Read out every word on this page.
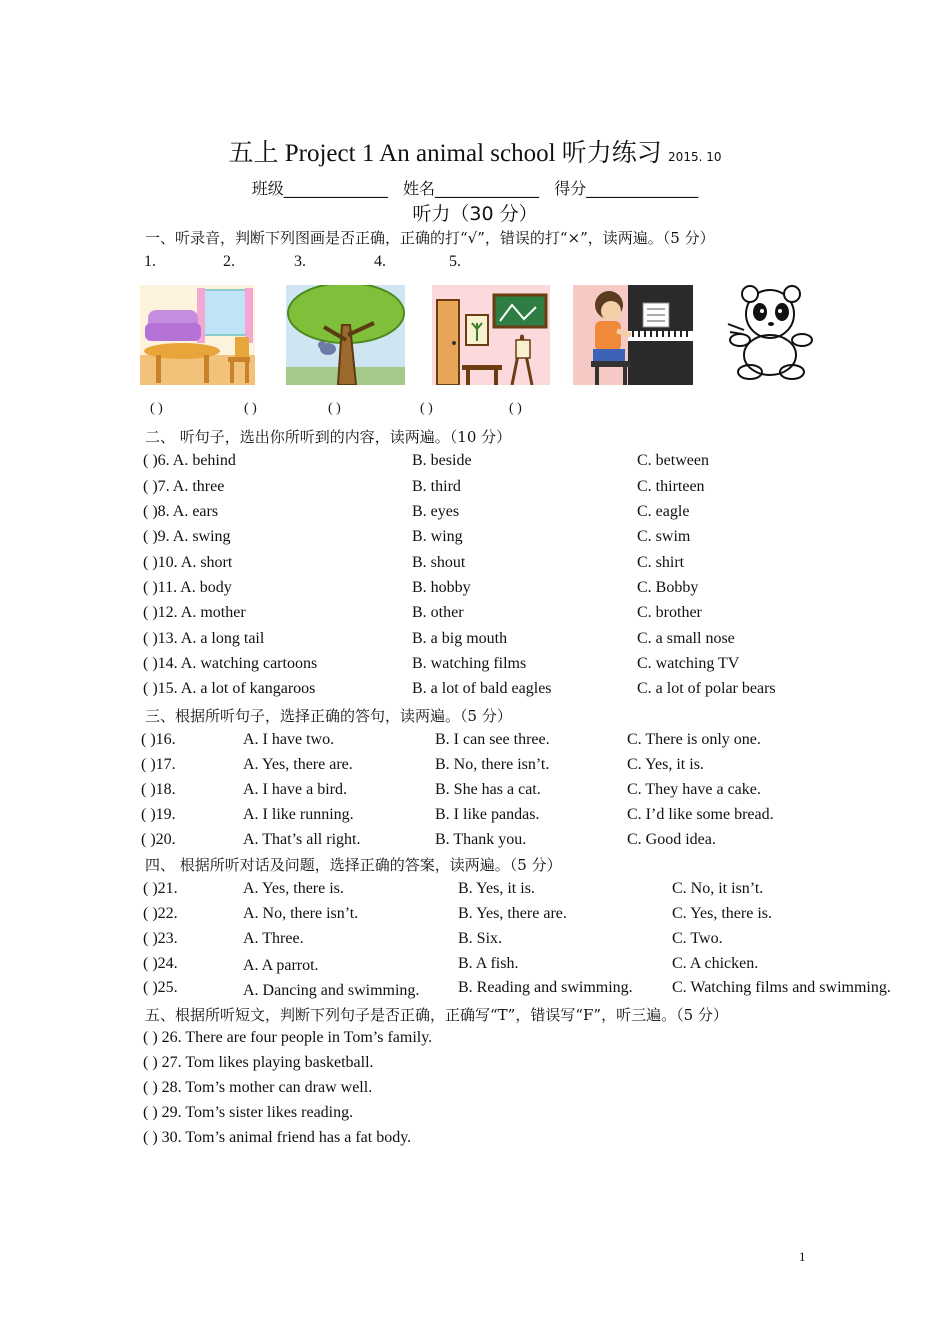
五上 Project 1 An animal school 听力练习 2015. 10
班级_____________ 姓名_____________ 得分______________
听力（30 分）
一、听录音，判断下列图画是否正确，正确的打“√”，错误的打“×”，读两遍。（5 分）
1.	2.	3.	4.	5.
( )	( )	( )	( )	( )
二、 听句子，选出你所听到的内容，读两遍。（10 分）
( )6. A. behind	B. beside	C. between
( )7. A. three	B. third	C. thirteen
( )8. A. ears	B. eyes	C. eagle
( )9. A. swing	B. wing	C. swim
( )10. A. short	B. shout	C. shirt
( )11. A. body	B. hobby	C. Bobby
( )12. A. mother	B. other	C. brother
( )13. A. a long tail	B. a big mouth	C. a small nose
( )14. A. watching cartoons	B. watching films	C. watching TV
( )15. A. a lot of kangaroos	B. a lot of bald eagles	C. a lot of polar bears
三、根据所听句子，选择正确的答句，读两遍。（5 分）
( )16.	A. I have two.	B. I can see three.	C. There is only one.
( )17.	A. Yes, there are.	B. No, there isn’t.	C. Yes, it is.
( )18.	A. I have a bird.	B. She has a cat.	C. They have a cake.
( )19.	A. I like running.	B. I like pandas.	C. I’d like some bread.
( )20.	A. That’s all right.	B. Thank you.	C. Good idea.
四、 根据所听对话及问题，选择正确的答案，读两遍。（5 分）
( )21.	A. Yes, there is.	B. Yes, it is.	C. No, it isn’t.
( )22.	A. No, there isn’t.	B. Yes, there are.	C. Yes, there is.
( )23.	A. Three.	B. Six.	C. Two.
( )24.	A. A parrot.	B. A fish.	C. A chicken.
( )25.	A. Dancing and swimming. B. Reading and swimming. C. Watching films and swimming.
五、根据所听短文，判断下列句子是否正确，正确写“T”，错误写“F”，听三遍。（5 分）
( ) 26. There are four people in Tom’s family.
( ) 27. Tom likes playing basketball.
( ) 28. Tom’s mother can draw well.
( ) 29. Tom’s sister likes reading.
( ) 30. Tom’s animal friend has a fat body.
1
